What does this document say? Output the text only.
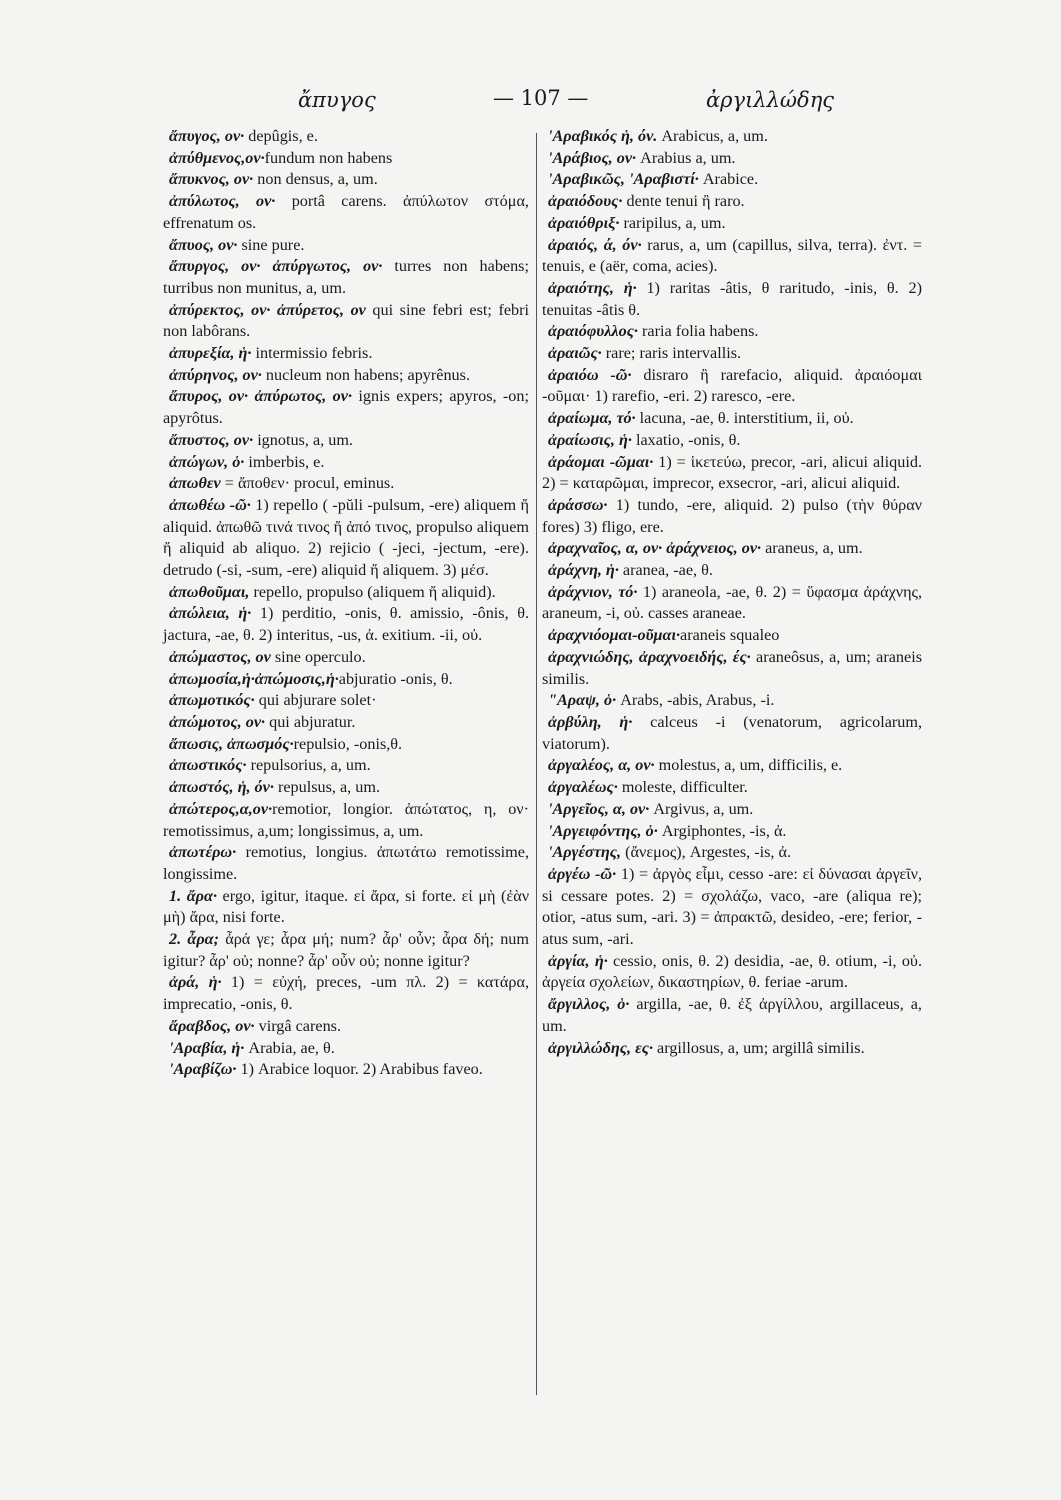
ἄπυγος	— 107 —	ἀργιλλώδης

ἄπυγος, ον· depûgis, e.

ἀπύθμενος,ον·fundum non habens

ἄπυκνος, ον· non densus, a, um.

ἀπύλωτος, ον· portâ carens. ἀπύλωτον στόμα, effrenatum os.

ἄπυος, ον· sine pure.

ἄπυργος, ον· ἀπύργωτος, ον· turres non habens; turribus non munitus, a, um.

ἀπύρεκτος, ον· ἀπύρετος, ον qui sine febri est; febri non labôrans.

ἀπυρεξία, ἡ· intermissio febris.

ἀπύρηνος, ον· nucleum non habens; apyrênus.

ἄπυρος, ον· ἀπύρωτος, ον· ignis expers; apyros, -on; apyrôtus.

ἄπυστος, ον· ignotus, a, um.

ἀπώγων, ὁ· imberbis, e.

ἀπωθεν = ἄποθεν· procul, eminus.

ἀπωθέω -ῶ· 1) repello ( -pŭli -pulsum, -ere) aliquem ἤ aliquid. ἀπωθῶ τινά τινος ἤ ἀπό τινος, propulso aliquem ἤ aliquid ab aliquo. 2) rejicio ( -jeci, -jectum, -ere). detrudo (-si, -sum, -ere) aliquid ἤ aliquem. 3) μέσ.

ἀπωθοῦμαι, repello, propulso (aliquem ἤ aliquid).

ἀπώλεια, ἡ· 1) perditio, -onis, θ. amissio, -ônis, θ. jactura, -ae, θ. 2) interitus, -us, ἀ. exitium. -ii, οὐ.

ἀπώμαστος, ον sine operculo.

ἀπωμοσία,ἡ·ἀπώμοσις,ἡ·abjuratio -onis, θ.

ἀπωμοτικός· qui abjurare solet·

ἀπώμοτος, ον· qui abjuratur.

ἄπωσις, ἀπωσμός·repulsio, -onis,θ.

ἀπωστικός· repulsorius, a, um.

ἀπωστός, ἡ, όν· repulsus, a, um.

ἀπώτερος,α,ον·remotior, longior. ἀπώτατος, η, ον· remotissimus, a,um; longissimus, a, um.

ἀπωτέρω· remotius, longius. ἀπωτάτω remotissime, longissime.

1. ἄρα· ergo, igitur, itaque. εἰ ἄρα, si forte. εἰ μὴ (ἐὰν μὴ) ἄρα, nisi forte.

2. ἆρα; ἆρά γε; ἆρα μή; num? ἆρ' οὖν; ἆρα δή; num igitur? ἆρ' οὐ; nonne? ἆρ' οὖν οὐ; nonne igitur?

ἀρά, ἡ· 1) = εὐχή, preces, -um πλ. 2) = κατάρα, imprecatio, -onis, θ.

ἄραβδος, ον· virgâ carens.

'Αραβία, ἡ· Arabia, ae, θ.

'Αραβίζω· 1) Arabice loquor. 2) Arabibus faveo.

'Αραβικός ἡ, όν. Arabicus, a, um.

'Αράβιος, ον· Arabius a, um.

'Αραβικῶς, 'Αραβιστί· Arabice.

ἀραιόδους· dente tenui ἢ raro.

ἀραιόθριξ· raripilus, a, um.

ἀραιός, ά, όν· rarus, a, um (capillus, silva, terra). ἐντ. = tenuis, e (aër, coma, acies).

ἀραιότης, ἡ· 1) raritas -âtis, θ raritudo, -inis, θ. 2) tenuitas -âtis θ.

ἀραιόφυλλος· raria folia habens.

ἀραιῶς· rare; raris intervallis.

ἀραιόω -ῶ· disraro ἢ rarefacio, aliquid. ἀραιόομαι -οῦμαι· 1) rarefio, -eri. 2) raresco, -ere.

ἀραίωμα, τό· lacuna, -ae, θ. interstitium, ii, οὐ.

ἀραίωσις, ἡ· laxatio, -onis, θ.

ἀράομαι -ῶμαι· 1) = ἱκετεύω, precor, -ari, alicui aliquid. 2) = καταρῶμαι, imprecor, exsecror, -ari, alicui aliquid.

ἀράσσω· 1) tundo, -ere, aliquid. 2) pulso (τὴν θύραν fores) 3) fligo, ere.

ἀραχναῖος, α, ον· ἀράχνειος, ον· araneus, a, um.

ἀράχνη, ἡ· aranea, -ae, θ.

ἀράχνιον, τό· 1) araneola, -ae, θ. 2) = ὕφασμα ἀράχνης, araneum, -i, οὐ. casses araneae.

ἀραχνιόομαι-οῦμαι·araneis squaleo

ἀραχνιώδης, ἀραχνοειδής, ές· araneôsus, a, um; araneis similis.

"Αραψ, ὁ· Arabs, -abis, Arabus, -i.

ἀρβύλη, ἡ· calceus -i (venatorum, agricolarum, viatorum).

ἀργαλέος, α, ον· molestus, a, um, difficilis, e.

ἀργαλέως· moleste, difficulter.

'Αργεῖος, α, ον· Argivus, a, um.

'Αργειφόντης, ὁ· Argiphontes, -is, ἀ.

'Αργέστης, (ἄνεμος), Argestes, -is, ἀ.

ἀργέω -ῶ· 1) = ἀργὸς εἶμι, cesso -are: εἰ δύνασαι ἀργεῖν, si cessare potes. 2) = σχολάζω, vaco, -are (aliqua re); otior, -atus sum, -ari. 3) = ἀπρακτῶ, desideo, -ere; ferior, -atus sum, -ari.

ἀργία, ἡ· cessio, onis, θ. 2) desidia, -ae, θ. otium, -i, οὐ. ἀργεία σχολείων, δικαστηρίων, θ. feriae -arum.

ἄργιλλος, ὁ· argilla, -ae, θ. ἐξ ἀργίλλου, argillaceus, a, um.

ἀργιλλώδης, ες· argillosus, a, um; argillâ similis.
